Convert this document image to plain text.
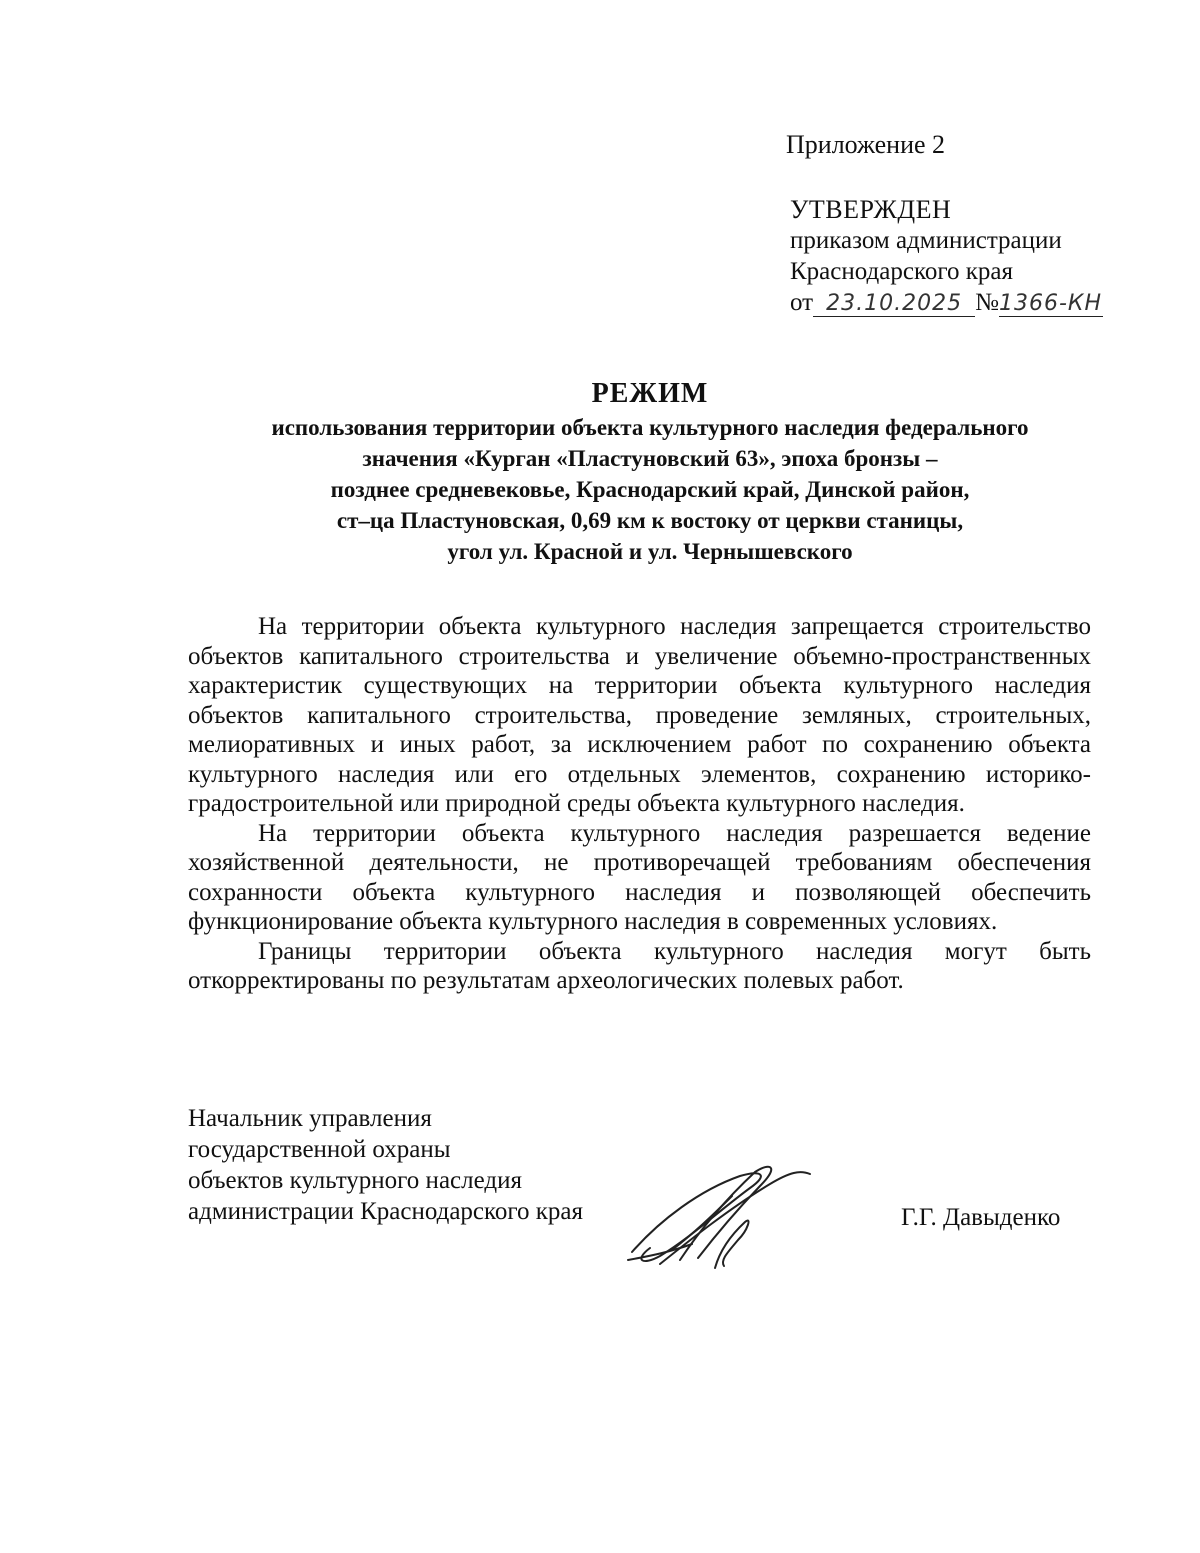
Приложение 2
УТВЕРЖДЕН
приказом администрации
Краснодарского края
от 23.10.2025 №1366-КН
РЕЖИМ

использования территории объекта культурного наследия федерального

значения «Курган «Пластуновский 63», эпоха бронзы –

позднее средневековье, Краснодарский край, Динской район,

ст–ца Пластуновская, 0,69 км к востоку от церкви станицы,

угол ул. Красной и ул. Чернышевского

На территории объекта культурного наследия запрещается строительство объектов капитального строительства и увеличение объемно-пространственных характеристик существующих на территории объекта культурного наследия объектов капитального строительства, проведение земляных, строительных, мелиоративных и иных работ, за исключением работ по сохранению объекта культурного наследия или его отдельных элементов, сохранению историко-градостроительной или природной среды объекта культурного наследия.

На территории объекта культурного наследия разрешается ведение хозяйственной деятельности, не противоречащей требованиям обеспечения сохранности объекта культурного наследия и позволяющей обеспечить функционирование объекта культурного наследия в современных условиях.

Границы территории объекта культурного наследия могут быть откорректированы по результатам археологических полевых работ.

Начальник управления
государственной охраны
объектов культурного наследия
администрации Краснодарского края	Г.Г. Давыденко
